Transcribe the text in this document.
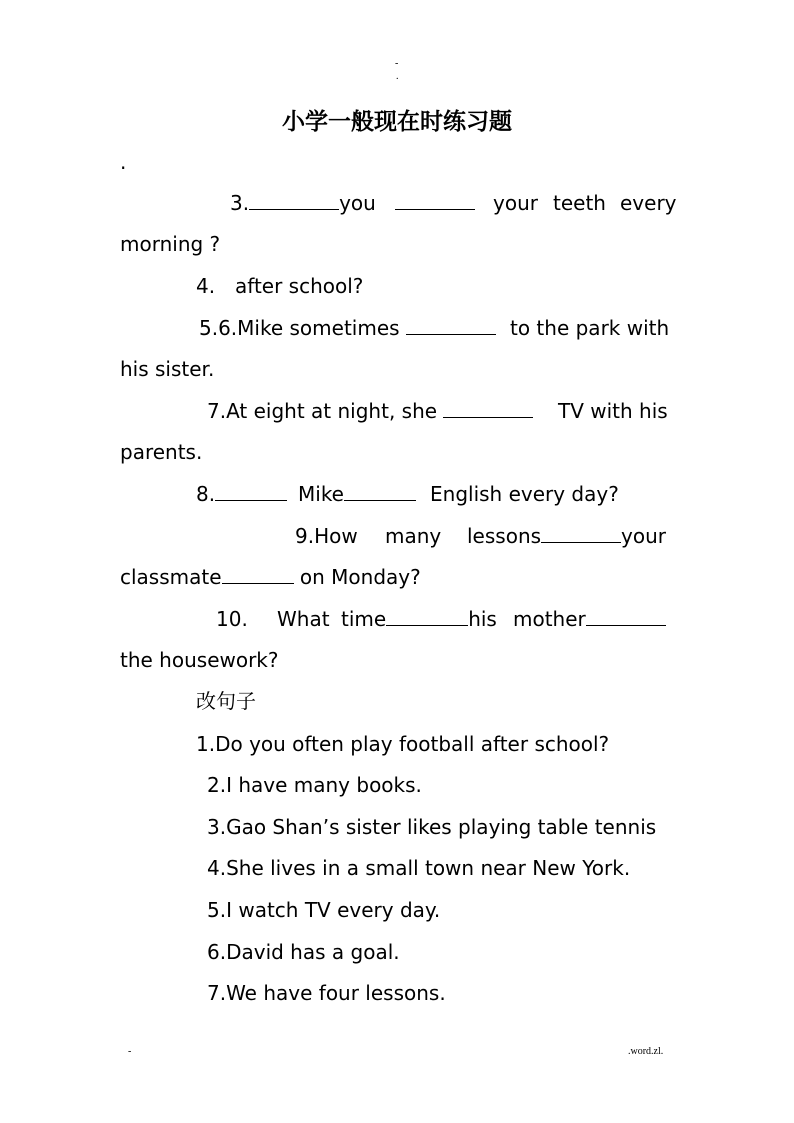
-
.
小学一般现在时练习题
.
3.	you	your teeth every
morning ?
4. after school?
5.6.Mike sometimes	to the park with
his sister.
7.At eight at night, she	TV with his
parents.
8.	Mike	English every day?
9.How many lessons	your
classmate	on Monday?
10. What time	his mother
the housework?
改句子
1.Do you often play football after school?
2.I have many books.
3.Gao Shan’s sister likes playing table tennis
4.She lives in a small town near New York.
5.I watch TV every day.
6.David has a goal.
7.We have four lessons.
-	.word.zl.
